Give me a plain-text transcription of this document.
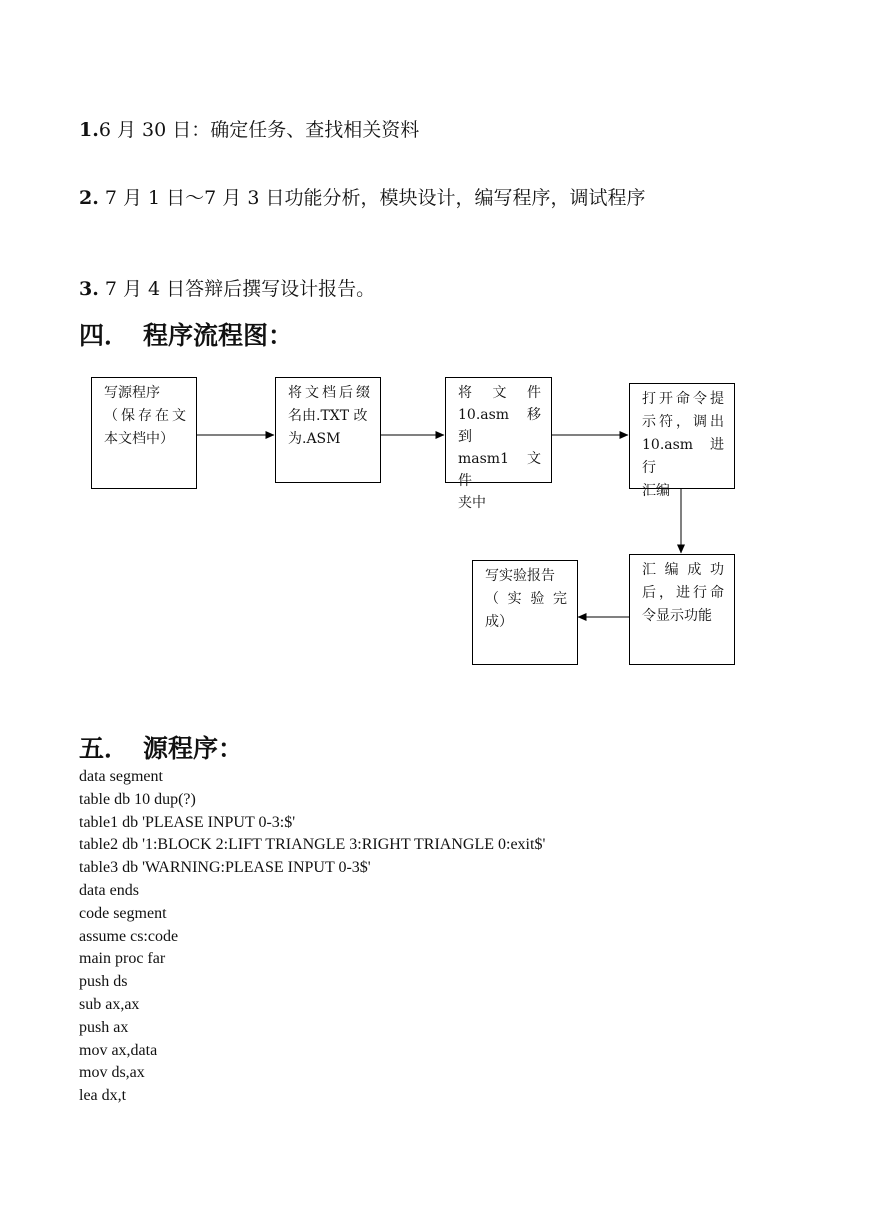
1.6 月 30 日：确定任务、查找相关资料
2. 7 月 1 日～7 月 3 日功能分析，模块设计，编写程序，调试程序
3. 7 月 4 日答辩后撰写设计报告。
四． 程序流程图：
写源程序
（保存在文
本文档中）
将文档后缀
名由.TXT 改
为.ASM
将　文　件
10.asm 移到
masm1 文件
夹中
打开命令提
示符，调出
10.asm 进行
汇编
汇 编 成 功
后，进行命
令显示功能
写实验报告
（ 实 验 完
成）
五． 源程序：
data segment
table db 10 dup(?)
table1 db 'PLEASE INPUT 0-3:$'
table2 db '1:BLOCK 2:LIFT TRIANGLE 3:RIGHT TRIANGLE 0:exit$'
table3 db 'WARNING:PLEASE INPUT 0-3$'
data ends
code segment
assume cs:code
main proc far
push ds
sub ax,ax
push ax
mov ax,data
mov ds,ax
lea dx,t
